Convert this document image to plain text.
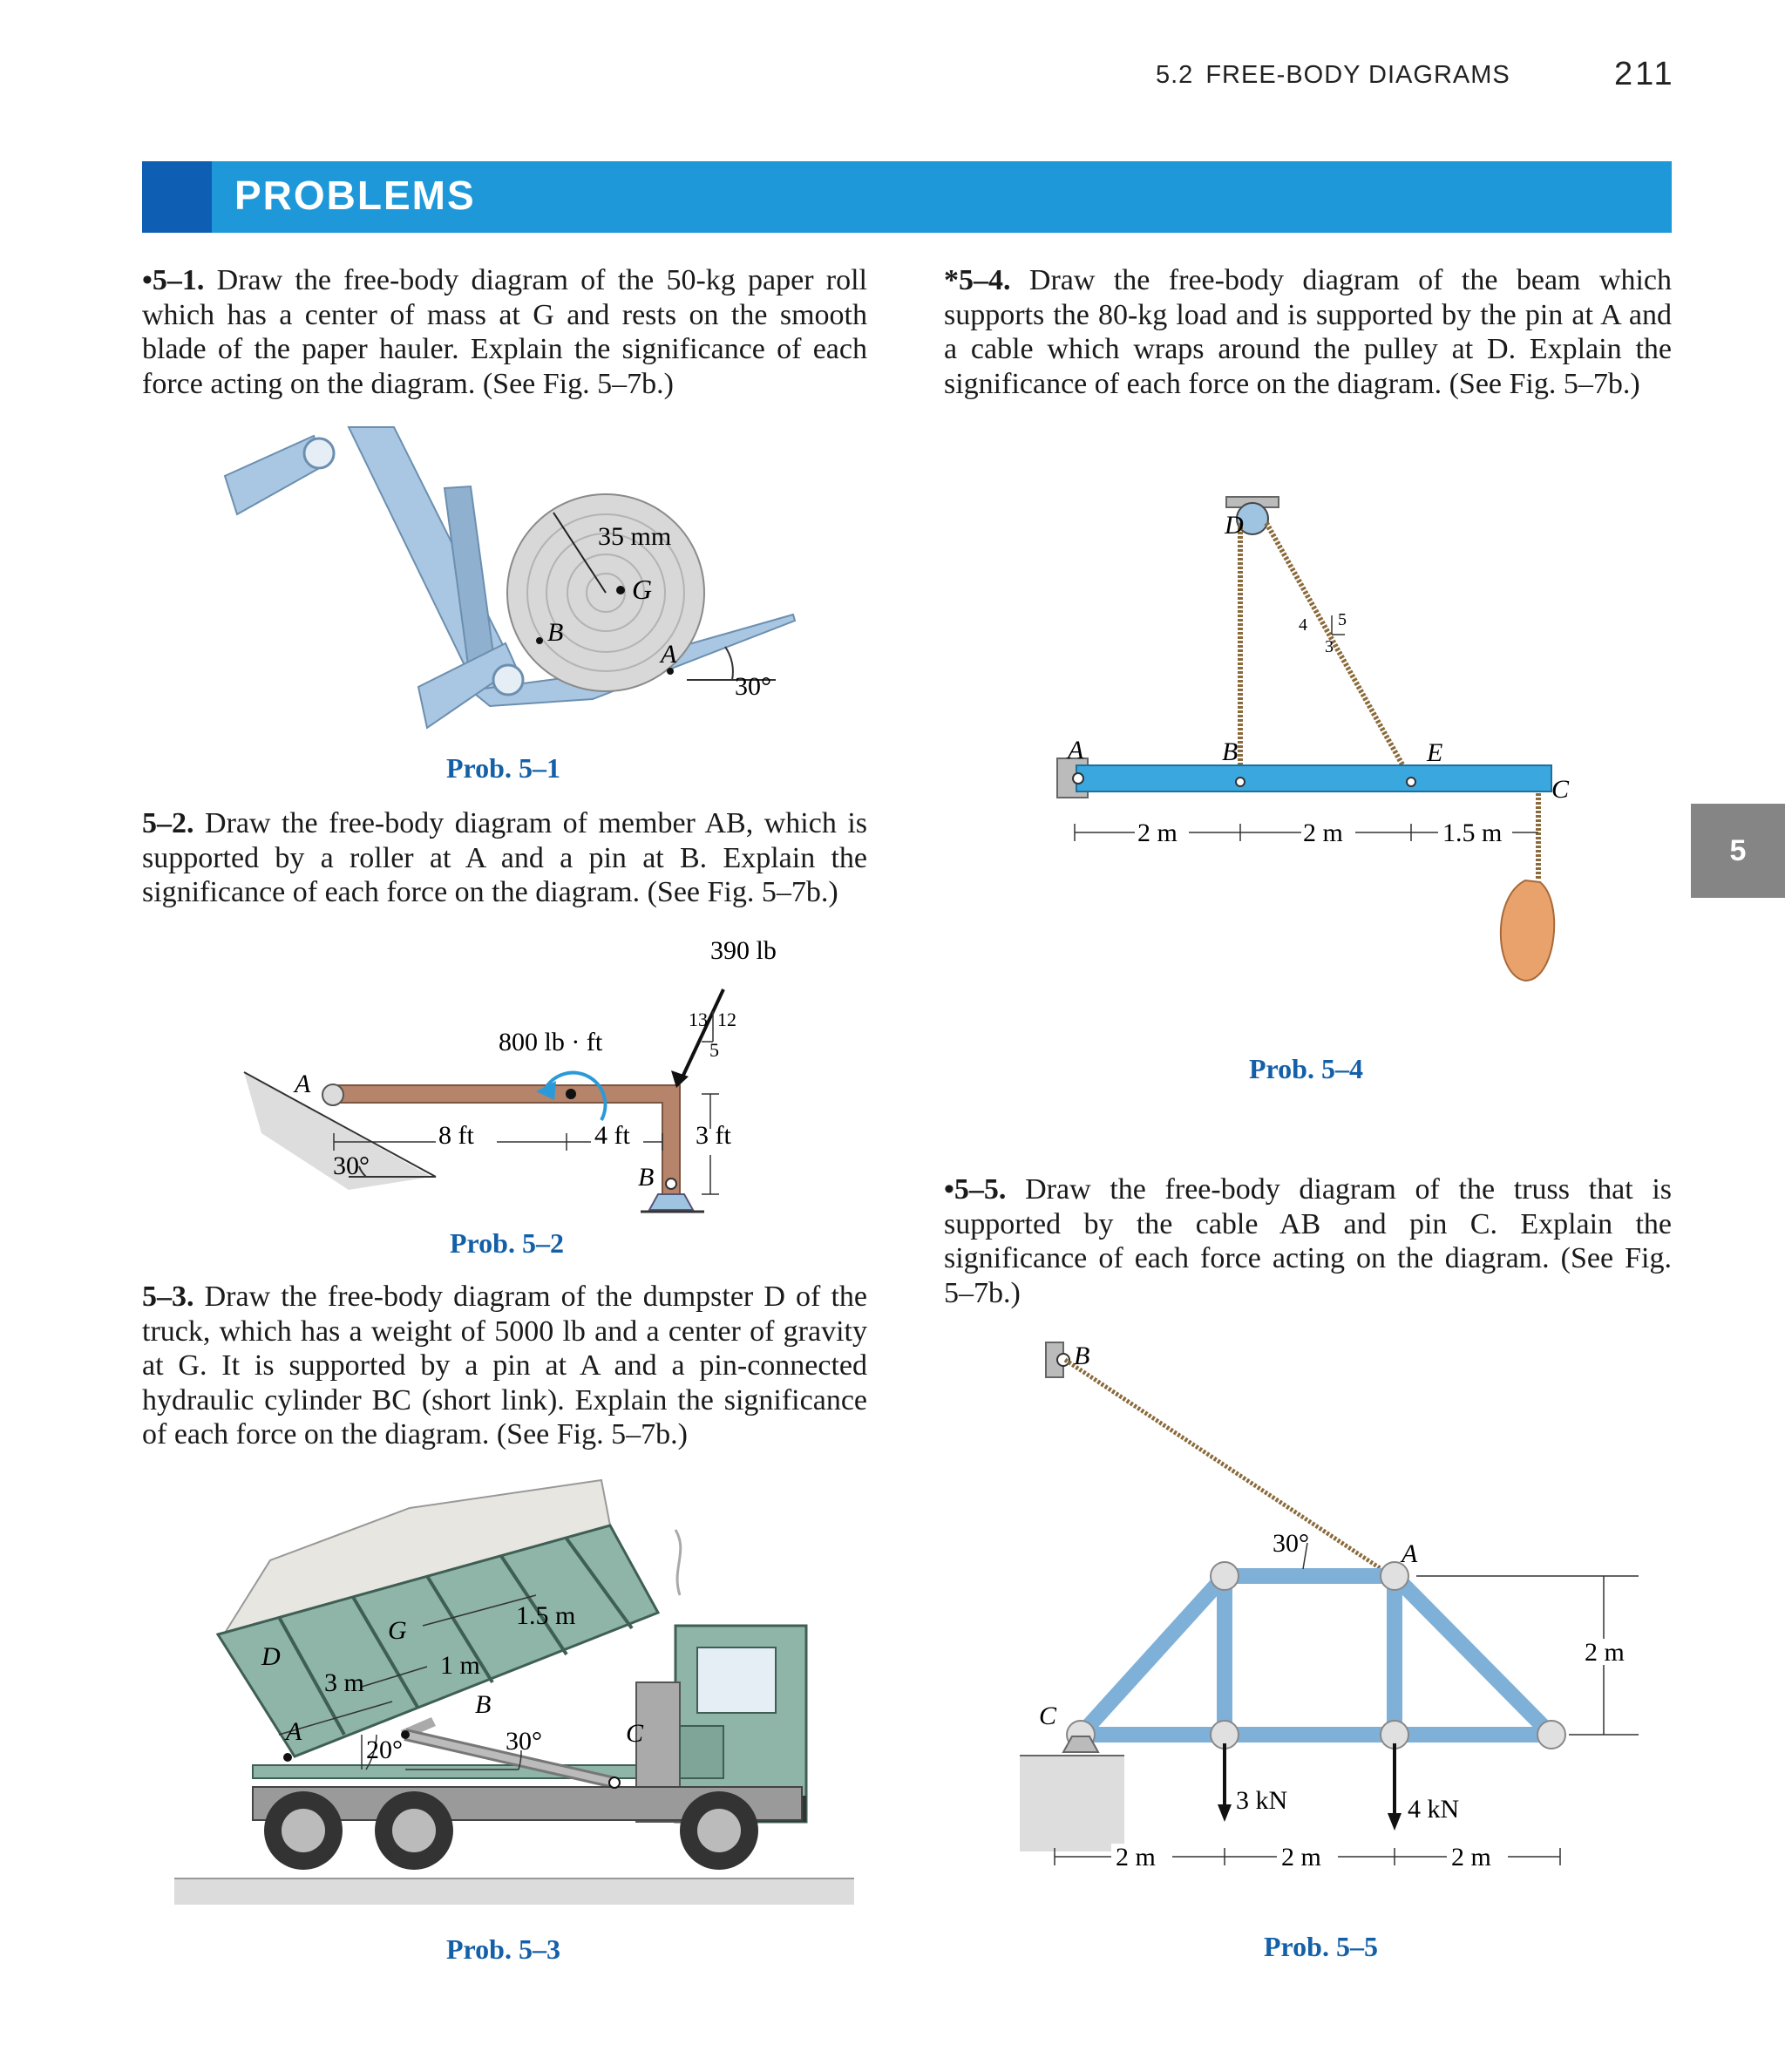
5.2 FREE-BODY DIAGRAMS	211
PROBLEMS
5
•5–1. Draw the free-body diagram of the 50-kg paper roll which has a center of mass at G and rests on the smooth blade of the paper hauler. Explain the significance of each force acting on the diagram. (See Fig. 5–7b.)
35 mm
G
B
A
30°
Prob. 5–1
5–2. Draw the free-body diagram of member AB, which is supported by a roller at A and a pin at B. Explain the significance of each force on the diagram. (See Fig. 5–7b.)
390 lb
13 12
5
800 lb · ft
A
B
8 ft	4 ft	3 ft
30°
Prob. 5–2
5–3. Draw the free-body diagram of the dumpster D of the truck, which has a weight of 5000 lb and a center of gravity at G. It is supported by a pin at A and a pin-connected hydraulic cylinder BC (short link). Explain the significance of each force on the diagram. (See Fig. 5–7b.)
1.5 m
G
D	1 m
3 m
B
A	C
20°	30°
Prob. 5–3
*5–4. Draw the free-body diagram of the beam which supports the 80-kg load and is supported by the pin at A and a cable which wraps around the pulley at D. Explain the significance of each force on the diagram. (See Fig. 5–7b.)
D
4 5
3
A	B	E
C
2 m	2 m	1.5 m
Prob. 5–4
•5–5. Draw the free-body diagram of the truss that is supported by the cable AB and pin C. Explain the significance of each force acting on the diagram. (See Fig. 5–7b.)
B
30°	A
2 m
C
3 kN	4 kN
2 m	2 m	2 m
Prob. 5–5
